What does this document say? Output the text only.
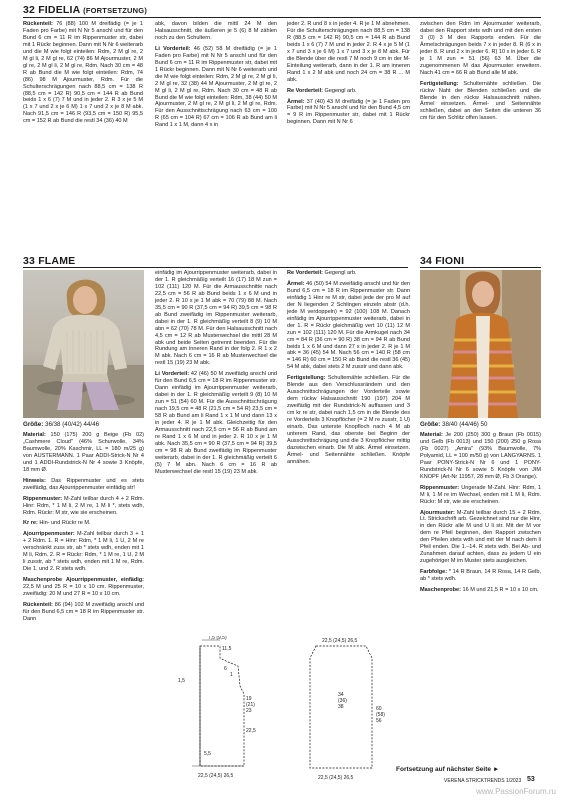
32 FIDELIA (FORTSETZUNG)

Rückenteil: 76 (88) 100 M dreifädig (= je 1 Faden pro Farbe) mit N Nr 5 anschl und für den Bund 6 cm = 11 R im Rippenmuster str, dabei mit 1 Rückr beginnen. Dann mit N Nr 6 weiterarb und die M wie folgt einteilen: Rdm, 2 M gl re, 2 M gl li, 2 M gl re, 62 (74) 86 M Ajourmuster, 2 M gl re, 2 M gl li, 2 M gl re, Rdm. Nach 30 cm = 48 R ab Bund die M wie folgt einteilen: Rdm, 74 (86) 98 M Ajourmuster, Rdm. Für die Schulterschrägungen nach 88,5 cm = 138 R (88,5 cm = 142 R) 90,5 cm = 144 R ab Bund beids 1 x 6 (7) 7 M und in jeder 2. R 3 x je 5 M (1 x 7 und 2 x je 6 M) 1 x 7 und 2 x je 8 M abk. Nach 91,5 cm = 146 R (93,5 cm = 150 R) 95,5 cm = 152 R ab Bund die restl 34 (36) 40 M

abk, davon bilden die mittl 24 M den Halsausschnitt, die äußeren je 5 (6) 8 M zählen noch zu den Schultern.

Li Vorderteil: 46 (52) 58 M dreifädig (= je 1 Faden pro Farbe) mit N Nr 5 anschl und für den Bund 6 cm = 11 R im Rippenmuster str, dabei mit 1 Rückr beginnen. Dann mit N Nr 6 weiterarb und die M wie folgt einteilen: Rdm, 2 M gl re, 2 M gl li, 2 M gl re, 32 (38) 44 M Ajourmuster, 2 M gl re, 2 M gl li, 2 M gl re, Rdm. Nach 30 cm = 48 R ab Bund die M wie folgt einteilen: Rdm, 38 (44) 50 M Ajourmuster, 2 M gl re, 2 M gl li, 2 M gl re, Rdm. Für den Ausschnittschrägung nach 63 cm = 100 R (65 cm = 104 R) 67 cm = 106 R ab Bund am li Rand 1 x 1 M, dann 4 x in

jeder 2. R und 8 x in jeder 4. R je 1 M abnehmen. Für die Schulterschrägungen nach 88,5 cm = 138 R (88,5 cm = 142 R) 90,5 cm = 144 R ab Bund beids 1 x 6 (7) 7 M und in jeder 2. R 4 x je 5 M (1 x 7 und 3 x je 6 M) 1 x 7 und 3 x je 8 M abk. Für die Blende über die restl 7 M noch 9 cm in der M-Einteilung weiterarb, dann in der 1. R am inneren Rand 1 x 2 M abk und noch 24 cm = 38 R ... M abk.

Re Vorderteil: Gegengl arb.

Ärmel: 37 (40) 43 M dreifädig (= je 1 Faden pro Farbe) mit N Nr 5 anschl und für den Bund 4,5 cm = 9 R im Rippenmuster str, dabei mit 1 Rückr beginnen. Dann mit N Nr 6

zwischen den Rdm im Ajourmuster weiterarb, dabei den Rapport stets wdh und mit den ersten 3 (0) 3 M des Rapports enden. Für die Ärmelschrägungen beids 7 x in jeder 8. R (6 x in jeder 8. R und 2 x in jeder 6. R) 10 x in jeder 6. R je 1 M zun = 51 (56) 63 M. Über die zugenommenen M das Ajourmuster erweitern. Nach 41 cm = 66 R ab Bund alle M abk.

Fertigstellung: Schulternähte schließen. Die rückw Naht der Blenden schließen und die Blende in den rückw Halsausschnitt nähen. Ärmel einsetzen. Ärmel- und Seitennähte schließen, dabei an den Seiten die unteren 36 cm für den Schlitz offen lassen.

33 FLAME	34 FIONI
Größe: 36/38 (40/42) 44/46

Material: 150 (175) 200 g Beige (Fb 02) „Cashmere Cloud" (46% Schurwolle, 34% Baumwolle, 20% Kaschmir, LL = 180 m/25 g) von AUSTERMANN. 1 Paar ADDI-Strick-N Nr 4 und 1 ADDI-Rundstrick-N Nr 4 sowie 3 Knöpfe, 18 mm Ø.

Hinweis: Das Rippenmuster und es stets zweifädig, das Ajourrippenmuster einfädig str!

Rippenmuster: M-Zahl teilbar durch 4 + 2 Rdm. Hinr: Rdm, * 1 M li, 2 M re, 1 M li *, stets wdh, Rdm. Rückr: M str, wie sie erscheinen.

Kr re: Hin- und Rückr re M.

Ajourrippenmuster: M-Zahl teilbar durch 3 + 1 + 2 Rdm. 1. R = Hinr: Rdm, * 1 M li, 1 U, 2 M re verschränkt zuss str, ab * stets wdh, enden mit 1 M li, Rdm. 2. R = Rückr: Rdm, * 1 M re, 1 U, 2 M li zusstr, ab * stets wdh, enden mit 1 M re, Rdm. Die 1. und 2. R stets wdh.

Maschenprobe Ajourrippenmuster, einfädig: 22,5 M und 25 R = 10 x 10 cm. Rippenmuster, zweifädig: 20 M und 27 R = 10 x 10 cm.

Rückenteil: 86 (94) 102 M zweifädig anschl und für den Bund 6,5 cm = 18 R im Rippenmuster str. Dann

einfädig im Ajourrippenmuster weiterarb, dabei in der 1. R gleichmäßig verteilt 16 (17) 18 M zun = 102 (111) 120 M. Für die Armausschnitte nach 22,5 cm = 56 R ab Bund beids 1 x 6 M und in jeder 2. R 10 x je 1 M abk = 70 (79) 88 M. Nach 35,5 cm = 90 R (37,5 cm = 94 R) 39,5 cm = 98 R ab Bund zweifädig im Rippenmuster weiterarb, dabei in der 1. R gleichmäßig verteilt 8 (9) 10 M abn = 62 (70) 78 M. Für den Halsausschnitt nach 4,5 cm = 12 R ab Musterwechsel die mittl 28 M abk und beide Seiten getrennt beenden. Für die Rundung am inneren Rand in der folg 2. R 1 x 2 M abk. Nach 6 cm = 16 R ab Musterwechsel die restl 15 (19) 23 M abk.

Li Vorderteil: 42 (46) 50 M zweifädig anschl und für den Bund 6,5 cm = 18 R im Rippenmuster str. Dann einfädig im Ajourrippenmuster weiterarb, dabei in der 1. R gleichmäßig verteilt 9 (8) 10 M zun = 51 (54) 60 M. Für die Ausschnittschrägung nach 19,5 cm = 48 R (21,5 cm = 54 R) 23,5 cm = 58 R ab Bund am li Rand 1 x 1 M und dann 13 x in jeder 4. R je 1 M abk. Gleichzeitig für den Armausschnitt nach 22,5 cm = 56 R ab Bund am re Rand 1 x 6 M und in jeder 2. R 10 x je 1 M abk. Nach 35,5 cm = 90 R (37,5 cm = 94 R) 39,5 cm = 98 R ab Bund zweifädig im Rippenmuster weiterarb, dabei in der 1. R gleichmäßig verteilt 6 (5) 7 M abn. Nach 6 cm = 16 R ab Musterwechsel die restl 15 (19) 23 M abk.

Re Vorderteil: Gegengl arb.

Ärmel: 46 (50) 54 M zweifädig anschl und für den Bund 6,5 cm = 18 R im Rippenmuster str. Dann einfädig 1 Hinr re M str, dabei jede der pro M auf der N liegenden 2 Schlingen einzeln abstr (d.h. jede M verdoppeln) = 92 (100) 108 M. Danach einfädig im Ajourrippenmuster weiterarb, dabei in der 1. R = Rückr gleichmäßig vert 10 (11) 12 M zun = 102 (111) 120 M. Für die Armkugel nach 34 cm = 84 R (36 cm = 90 R) 38 cm = 94 R ab Bund beids 1 x 6 M und dann 27 x in jeder 2. R je 1 M abk = 36 (45) 54 M. Nach 56 cm = 140 R (58 cm = 146 R) 60 cm = 150 R ab Bund die restl 36 (45) 54 M abk, dabei stets 2 M zusstr und dann abk.

Fertigstellung: Schulternähte schließen. Für die Blende aus den Verschlussrändern und den Ausschnittschrägungen der Vorderteile sowie dem rückw Halsausschnitt 190 (197) 204 M zweifädig mit der Rundstrick-N auffassen und 3 cm kr re str, dabei nach 1,5 cm in die Blende des re Vorderteils 3 Knopflöcher (= 2 M re zusstr, 1 U) einarb. Das unterste Knopfloch nach 4 M ab unterem Rand, das oberste bei Beginn der Ausschnittschrägung und die 3 Knopflöcher mittig dazwischen einarb. Die M abk. Ärmel einsetzen. Ärmel- und Seitennähte schließen. Knöpfe annähen.

Größe: 38/40 (44/46) 50

Material: Je 200 (250) 300 g Braun (Fb 0015) und Gelb (Fb 0013) und 150 (200) 250 g Rosa (Fb 0027) „Amira" (93% Baumwolle, 7% Polyamid, LL = 100 m/50 g) von LANGYARNS. 1 Paar PONY-Strick-N Nr 6 und 1 PONY-Rundstrick-N Nr 6 sowie 5 Knöpfe von JIM KNOPF (Art-Nr 11957, 28 mm Ø, Fb 3 Orange).

Rippenmuster: Ungerade M-Zahl. Hinr: Rdm, 1 M li, 1 M re im Wechsel, enden mit 1 M li, Rdm. Rückr: M str, wie sie erscheinen.

Ajourmuster: M-Zahl teilbar durch 15 + 2 Rdm. Lt. Strickschrift arb. Gezeichnet sind nur die Hinr, in den Rückr alle M und U li str. Mit der M vor dem re Pfeil beginnen, den Rapport zwischen den Pfeilen stets wdh und mit der M nach dem li Pfeil enden. Die 1.–14. R stets wdh. Bei Ab- und Zunahmen darauf achten, dass zu jedem U ein zugehöriger M im Muster stets ausgleichen.

Farbfolge: * 14 R Braun, 14 R Rosa, 14 R Gelb, ab * stets wdh.

Maschenprobe: 16 M und 21,5 R = 10 x 10 cm.

7,5 (9,5)
11,5
1,5
19
(21)
23
22,5
6
1
5,5
22,5 (24,5) 26,5
22,5 (24,5) 26,5
34
(36)
38	60
(58)
56
22,5 (24,5) 26,5
Fortsetzung auf nächster Seite ►
VERENA STRICKTRENDS 1/2023 53
www.PassionForum.ru
